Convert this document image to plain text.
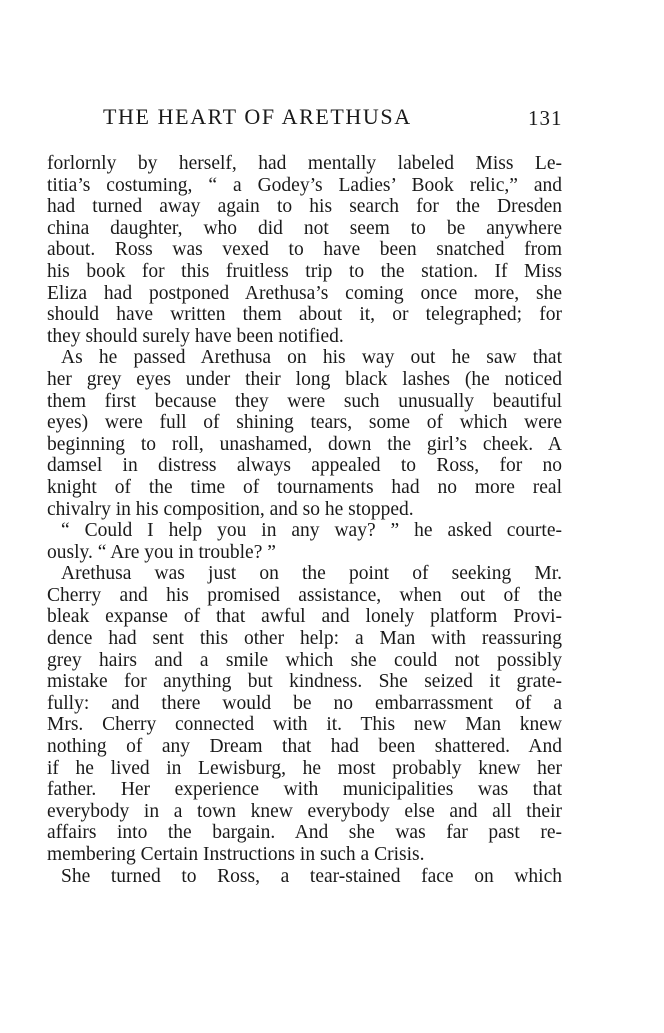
THE HEART OF ARETHUSA	131
forlornly by herself, had mentally labeled Miss Le-
titia’s costuming, “ a Godey’s Ladies’ Book relic,” and
had turned away again to his search for the Dresden
china daughter, who did not seem to be anywhere
about. Ross was vexed to have been snatched from
his book for this fruitless trip to the station. If Miss
Eliza had postponed Arethusa’s coming once more, she
should have written them about it, or telegraphed; for
they should surely have been notified.
As he passed Arethusa on his way out he saw that
her grey eyes under their long black lashes (he noticed
them first because they were such unusually beautiful
eyes) were full of shining tears, some of which were
beginning to roll, unashamed, down the girl’s cheek. A
damsel in distress always appealed to Ross, for no
knight of the time of tournaments had no more real
chivalry in his composition, and so he stopped.
“ Could I help you in any way? ” he asked courte-
ously. “ Are you in trouble? ”
Arethusa was just on the point of seeking Mr.
Cherry and his promised assistance, when out of the
bleak expanse of that awful and lonely platform Provi-
dence had sent this other help: a Man with reassuring
grey hairs and a smile which she could not possibly
mistake for anything but kindness. She seized it grate-
fully: and there would be no embarrassment of a
Mrs. Cherry connected with it. This new Man knew
nothing of any Dream that had been shattered. And
if he lived in Lewisburg, he most probably knew her
father. Her experience with municipalities was that
everybody in a town knew everybody else and all their
affairs into the bargain. And she was far past re-
membering Certain Instructions in such a Crisis.
She turned to Ross, a tear-stained face on which
